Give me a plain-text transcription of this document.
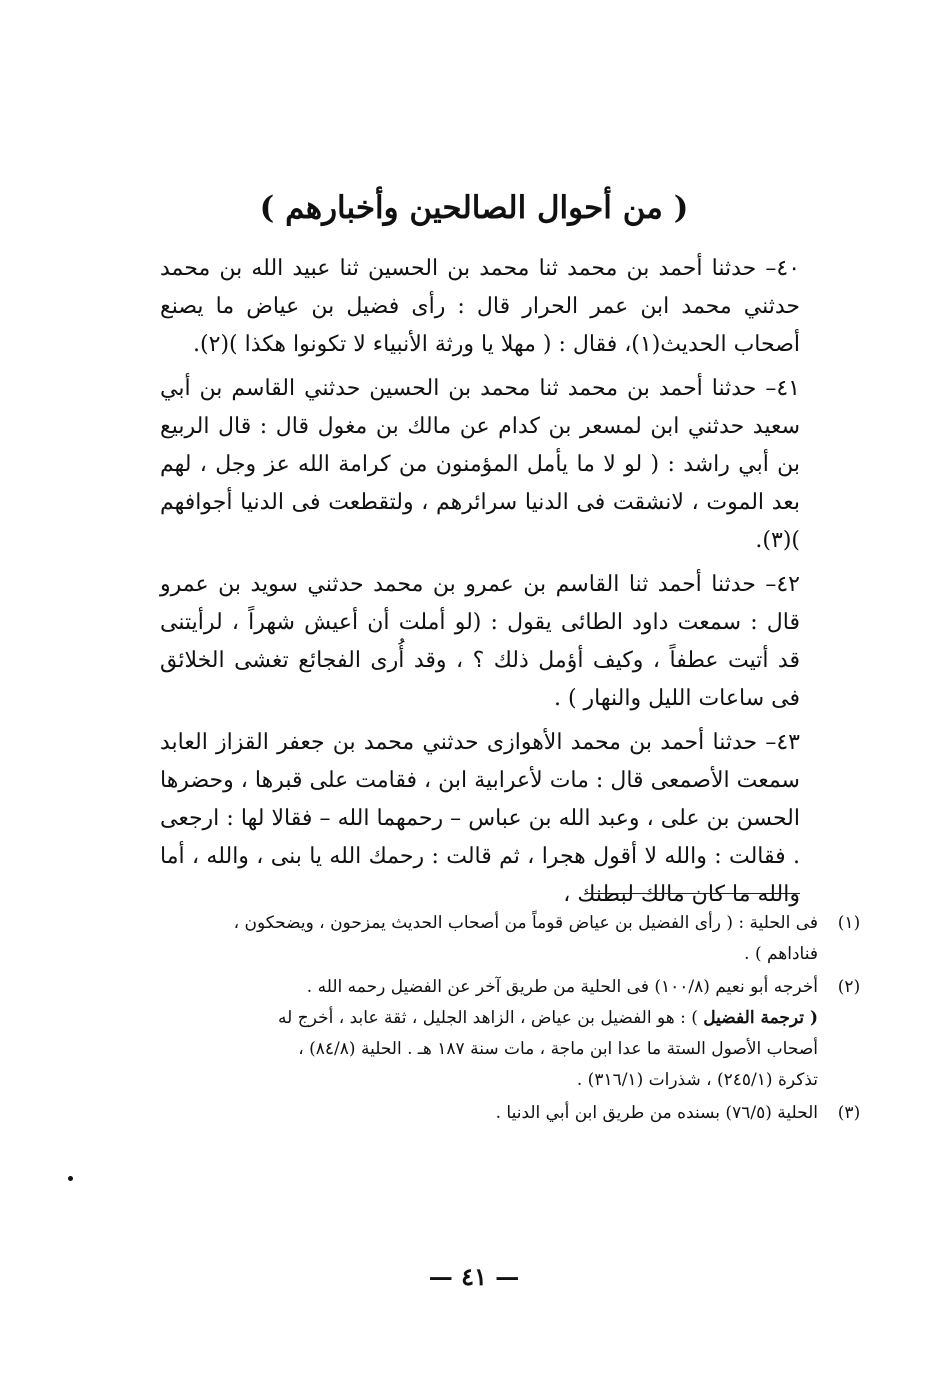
( من أحوال الصالحين وأخبارهم )

٤٠– حدثنا أحمد بن محمد ثنا محمد بن الحسين ثنا عبيد الله بن محمد حدثني محمد ابن عمر الحرار قال : رأى فضيل بن عياض ما يصنع أصحاب الحديث(١)، فقال : ( مهلا يا ورثة الأنبياء لا تكونوا هكذا )(٢).

٤١– حدثنا أحمد بن محمد ثنا محمد بن الحسين حدثني القاسم بن أبي سعيد حدثني ابن لمسعر بن كدام عن مالك بن مغول قال : قال الربيع بن أبي راشد : ( لو لا ما يأمل المؤمنون من كرامة الله عز وجل ، لهم بعد الموت ، لانشقت فى الدنيا سرائرهم ، ولتقطعت فى الدنيا أجوافهم )(٣).

٤٢– حدثنا أحمد ثنا القاسم بن عمرو بن محمد حدثني سويد بن عمرو قال : سمعت داود الطائى يقول : (لو أملت أن أعيش شهراً ، لرأيتنى قد أتيت عطفاً ، وكيف أؤمل ذلك ؟ ، وقد أُرى الفجائع تغشى الخلائق فى ساعات الليل والنهار ) .

٤٣– حدثنا أحمد بن محمد الأهوازى حدثني محمد بن جعفر القزاز العابد سمعت الأصمعى قال : مات لأعرابية ابن ، فقامت على قبرها ، وحضرها الحسن بن على ، وعبد الله بن عباس – رحمهما الله – فقالا لها : ارجعى . فقالت : والله لا أقول هجرا ، ثم قالت : رحمك الله يا بنى ، والله ، أما والله ما كان مالك لبطنك ،

(١)
فى الحلية : ( رأى الفضيل بن عياض قوماً من أصحاب الحديث يمزحون ، ويضحكون ،
فناداهم ) .
(٢)
أخرجه أبو نعيم (١٠٠/٨) فى الحلية من طريق آخر عن الفضيل رحمه الله .
( ترجمة الفضيل ) : هو الفضيل بن عياض ، الزاهد الجليل ، ثقة عابد ، أخرج له
أصحاب الأصول الستة ما عدا ابن ماجة ، مات سنة ١٨٧ هـ . الحلية (٨٤/٨) ،
تذكرة (٢٤٥/١) ، شذرات (٣١٦/١) .
(٣)
الحلية (٧٦/٥) بسنده من طريق ابن أبي الدنيا .
— ٤١ —
